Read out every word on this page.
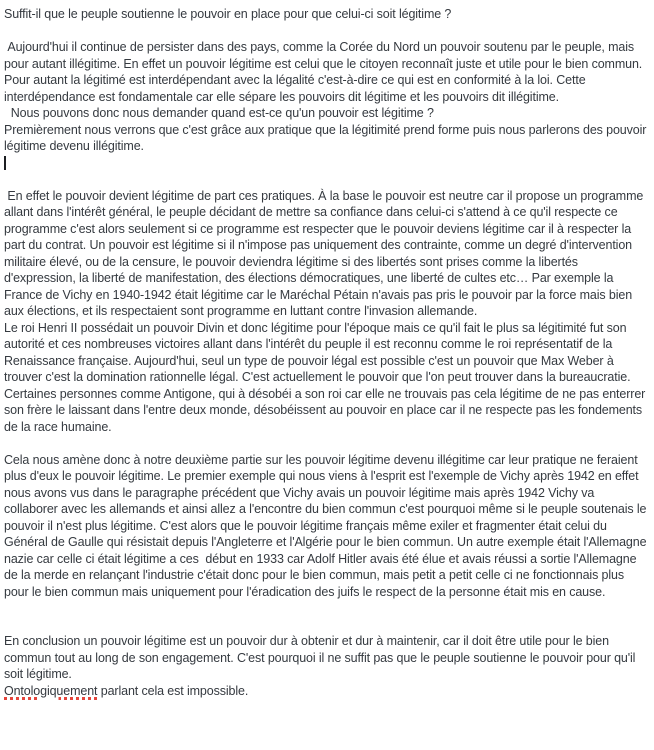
Suffit-il que le peuple soutienne le pouvoir en place pour que celui-ci soit légitime ?
Aujourd'hui il continue de persister dans des pays, comme la Corée du Nord un pouvoir soutenu par le peuple, mais pour autant illégitime. En effet un pouvoir légitime est celui que le citoyen reconnaît juste et utile pour le bien commun. Pour autant la légitimé est interdépendant avec la légalité c'est-à-dire ce qui est en conformité à la loi. Cette interdépendance est fondamentale car elle sépare les pouvoirs dit légitime et les pouvoirs dit illégitime.
Nous pouvons donc nous demander quand est-ce qu'un pouvoir est légitime ?
Premièrement nous verrons que c'est grâce aux pratique que la légitimité prend forme puis nous parlerons des pouvoir légitime devenu illégitime.
En effet le pouvoir devient légitime de part ces pratiques. À la base le pouvoir est neutre car il propose un programme allant dans l'intérêt général, le peuple décidant de mettre sa confiance dans celui-ci s'attend à ce qu'il respecte ce programme c'est alors seulement si ce programme est respecter que le pouvoir deviens légitime car il à respecter la part du contrat. Un pouvoir est légitime si il n'impose pas uniquement des contrainte, comme un degré d'intervention militaire élevé, ou de la censure, le pouvoir deviendra légitime si des libertés sont prises comme la libertés d'expression, la liberté de manifestation, des élections démocratiques, une liberté de cultes etc… Par exemple la France de Vichy en 1940-1942 était légitime car le Maréchal Pétain n'avais pas pris le pouvoir par la force mais bien aux élections, et ils respectaient sont programme en luttant contre l'invasion allemande.
Le roi Henri II possédait un pouvoir Divin et donc légitime pour l'époque mais ce qu'il fait le plus sa légitimité fut son autorité et ces nombreuses victoires allant dans l'intérêt du peuple il est reconnu comme le roi représentatif de la Renaissance française. Aujourd'hui, seul un type de pouvoir légal est possible c'est un pouvoir que Max Weber à trouver c'est la domination rationnelle légal. C'est actuellement le pouvoir que l'on peut trouver dans la bureaucratie. Certaines personnes comme Antigone, qui à désobéi a son roi car elle ne trouvais pas cela légitime de ne pas enterrer son frère le laissant dans l'entre deux monde, désobéissent au pouvoir en place car il ne respecte pas les fondements de la race humaine.
Cela nous amène donc à notre deuxième partie sur les pouvoir légitime devenu illégitime car leur pratique ne feraient plus d'eux le pouvoir légitime. Le premier exemple qui nous viens à l'esprit est l'exemple de Vichy après 1942 en effet nous avons vus dans le paragraphe précédent que Vichy avais un pouvoir légitime mais après 1942 Vichy va collaborer avec les allemands et ainsi allez a l'encontre du bien commun c'est pourquoi même si le peuple soutenais le pouvoir il n'est plus légitime. C'est alors que le pouvoir légitime français même exiler et fragmenter était celui du Général de Gaulle qui résistait depuis l'Angleterre et l'Algérie pour le bien commun. Un autre exemple était l'Allemagne nazie car celle ci était légitime a ces  début en 1933 car Adolf Hitler avais été élue et avais réussi a sortie l'Allemagne de la merde en relançant l'industrie c'était donc pour le bien commun, mais petit a petit celle ci ne fonctionnais plus pour le bien commun mais uniquement pour l'éradication des juifs le respect de la personne était mis en cause.
En conclusion un pouvoir légitime est un pouvoir dur à obtenir et dur à maintenir, car il doit être utile pour le bien commun tout au long de son engagement. C'est pourquoi il ne suffit pas que le peuple soutienne le pouvoir pour qu'il soit légitime.
Ontologiquement parlant cela est impossible.
